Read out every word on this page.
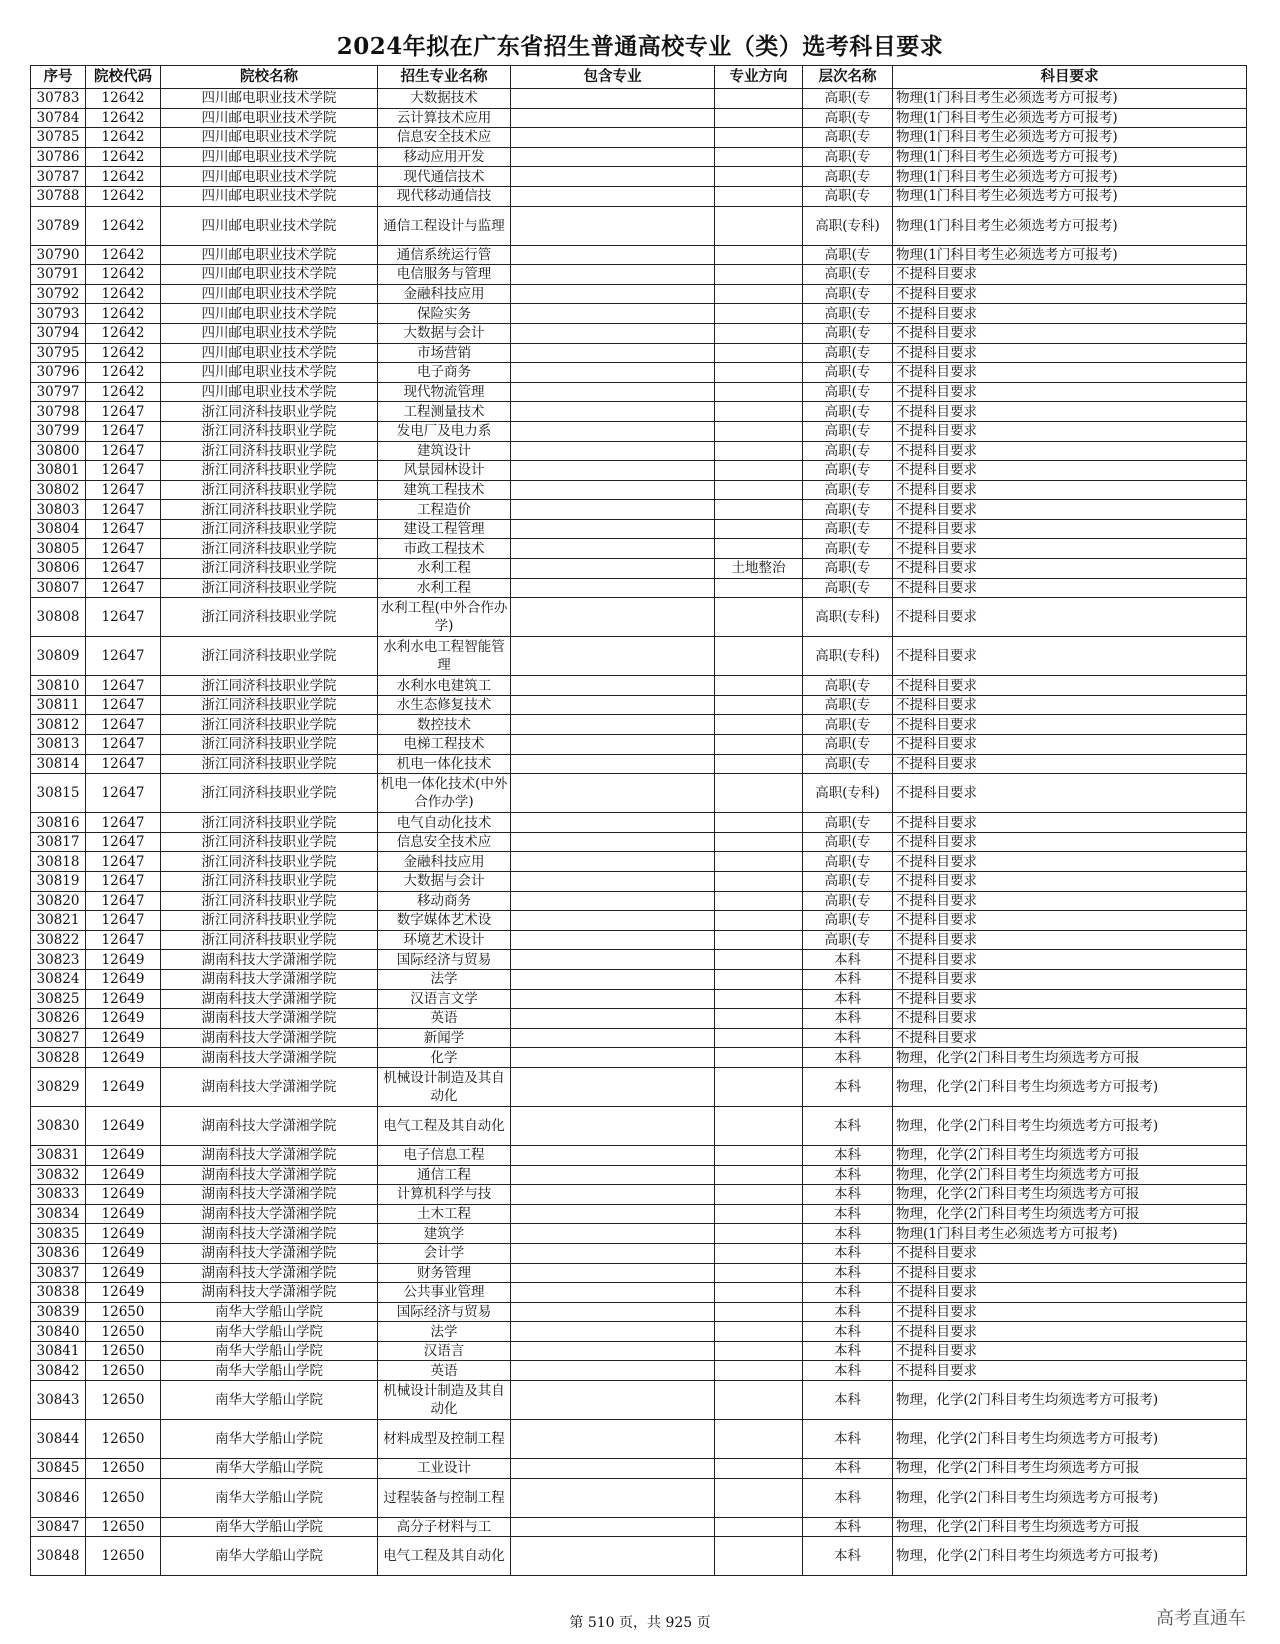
2024年拟在广东省招生普通高校专业（类）选考科目要求
序号	院校代码	院校名称	招生专业名称	包含专业	专业方向	层次名称	科目要求
30783	12642	四川邮电职业技术学院	大数据技术			高职(专	物理(1门科目考生必须选考方可报考)
30784	12642	四川邮电职业技术学院	云计算技术应用			高职(专	物理(1门科目考生必须选考方可报考)
30785	12642	四川邮电职业技术学院	信息安全技术应			高职(专	物理(1门科目考生必须选考方可报考)
30786	12642	四川邮电职业技术学院	移动应用开发			高职(专	物理(1门科目考生必须选考方可报考)
30787	12642	四川邮电职业技术学院	现代通信技术			高职(专	物理(1门科目考生必须选考方可报考)
30788	12642	四川邮电职业技术学院	现代移动通信技			高职(专	物理(1门科目考生必须选考方可报考)
30789	12642	四川邮电职业技术学院	通信工程设计与监理			高职(专科)	物理(1门科目考生必须选考方可报考)
30790	12642	四川邮电职业技术学院	通信系统运行管			高职(专	物理(1门科目考生必须选考方可报考)
30791	12642	四川邮电职业技术学院	电信服务与管理			高职(专	不提科目要求
30792	12642	四川邮电职业技术学院	金融科技应用			高职(专	不提科目要求
30793	12642	四川邮电职业技术学院	保险实务			高职(专	不提科目要求
30794	12642	四川邮电职业技术学院	大数据与会计			高职(专	不提科目要求
30795	12642	四川邮电职业技术学院	市场营销			高职(专	不提科目要求
30796	12642	四川邮电职业技术学院	电子商务			高职(专	不提科目要求
30797	12642	四川邮电职业技术学院	现代物流管理			高职(专	不提科目要求
30798	12647	浙江同济科技职业学院	工程测量技术			高职(专	不提科目要求
30799	12647	浙江同济科技职业学院	发电厂及电力系			高职(专	不提科目要求
30800	12647	浙江同济科技职业学院	建筑设计			高职(专	不提科目要求
30801	12647	浙江同济科技职业学院	风景园林设计			高职(专	不提科目要求
30802	12647	浙江同济科技职业学院	建筑工程技术			高职(专	不提科目要求
30803	12647	浙江同济科技职业学院	工程造价			高职(专	不提科目要求
30804	12647	浙江同济科技职业学院	建设工程管理			高职(专	不提科目要求
30805	12647	浙江同济科技职业学院	市政工程技术			高职(专	不提科目要求
30806	12647	浙江同济科技职业学院	水利工程		土地整治	高职(专	不提科目要求
30807	12647	浙江同济科技职业学院	水利工程			高职(专	不提科目要求
30808	12647	浙江同济科技职业学院	水利工程(中外合作办学)			高职(专科)	不提科目要求
30809	12647	浙江同济科技职业学院	水利水电工程智能管理			高职(专科)	不提科目要求
30810	12647	浙江同济科技职业学院	水利水电建筑工			高职(专	不提科目要求
30811	12647	浙江同济科技职业学院	水生态修复技术			高职(专	不提科目要求
30812	12647	浙江同济科技职业学院	数控技术			高职(专	不提科目要求
30813	12647	浙江同济科技职业学院	电梯工程技术			高职(专	不提科目要求
30814	12647	浙江同济科技职业学院	机电一体化技术			高职(专	不提科目要求
30815	12647	浙江同济科技职业学院	机电一体化技术(中外合作办学)			高职(专科)	不提科目要求
30816	12647	浙江同济科技职业学院	电气自动化技术			高职(专	不提科目要求
30817	12647	浙江同济科技职业学院	信息安全技术应			高职(专	不提科目要求
30818	12647	浙江同济科技职业学院	金融科技应用			高职(专	不提科目要求
30819	12647	浙江同济科技职业学院	大数据与会计			高职(专	不提科目要求
30820	12647	浙江同济科技职业学院	移动商务			高职(专	不提科目要求
30821	12647	浙江同济科技职业学院	数字媒体艺术设			高职(专	不提科目要求
30822	12647	浙江同济科技职业学院	环境艺术设计			高职(专	不提科目要求
30823	12649	湖南科技大学潇湘学院	国际经济与贸易			本科	不提科目要求
30824	12649	湖南科技大学潇湘学院	法学			本科	不提科目要求
30825	12649	湖南科技大学潇湘学院	汉语言文学			本科	不提科目要求
30826	12649	湖南科技大学潇湘学院	英语			本科	不提科目要求
30827	12649	湖南科技大学潇湘学院	新闻学			本科	不提科目要求
30828	12649	湖南科技大学潇湘学院	化学			本科	物理，化学(2门科目考生均须选考方可报
30829	12649	湖南科技大学潇湘学院	机械设计制造及其自动化			本科	物理，化学(2门科目考生均须选考方可报考)
30830	12649	湖南科技大学潇湘学院	电气工程及其自动化			本科	物理，化学(2门科目考生均须选考方可报考)
30831	12649	湖南科技大学潇湘学院	电子信息工程			本科	物理，化学(2门科目考生均须选考方可报
30832	12649	湖南科技大学潇湘学院	通信工程			本科	物理，化学(2门科目考生均须选考方可报
30833	12649	湖南科技大学潇湘学院	计算机科学与技			本科	物理，化学(2门科目考生均须选考方可报
30834	12649	湖南科技大学潇湘学院	土木工程			本科	物理，化学(2门科目考生均须选考方可报
30835	12649	湖南科技大学潇湘学院	建筑学			本科	物理(1门科目考生必须选考方可报考)
30836	12649	湖南科技大学潇湘学院	会计学			本科	不提科目要求
30837	12649	湖南科技大学潇湘学院	财务管理			本科	不提科目要求
30838	12649	湖南科技大学潇湘学院	公共事业管理			本科	不提科目要求
30839	12650	南华大学船山学院	国际经济与贸易			本科	不提科目要求
30840	12650	南华大学船山学院	法学			本科	不提科目要求
30841	12650	南华大学船山学院	汉语言			本科	不提科目要求
30842	12650	南华大学船山学院	英语			本科	不提科目要求
30843	12650	南华大学船山学院	机械设计制造及其自动化			本科	物理，化学(2门科目考生均须选考方可报考)
30844	12650	南华大学船山学院	材料成型及控制工程			本科	物理，化学(2门科目考生均须选考方可报考)
30845	12650	南华大学船山学院	工业设计			本科	物理，化学(2门科目考生均须选考方可报
30846	12650	南华大学船山学院	过程装备与控制工程			本科	物理，化学(2门科目考生均须选考方可报考)
30847	12650	南华大学船山学院	高分子材料与工			本科	物理，化学(2门科目考生均须选考方可报
30848	12650	南华大学船山学院	电气工程及其自动化			本科	物理，化学(2门科目考生均须选考方可报考)
第 510 页，共 925 页	高考直通车
